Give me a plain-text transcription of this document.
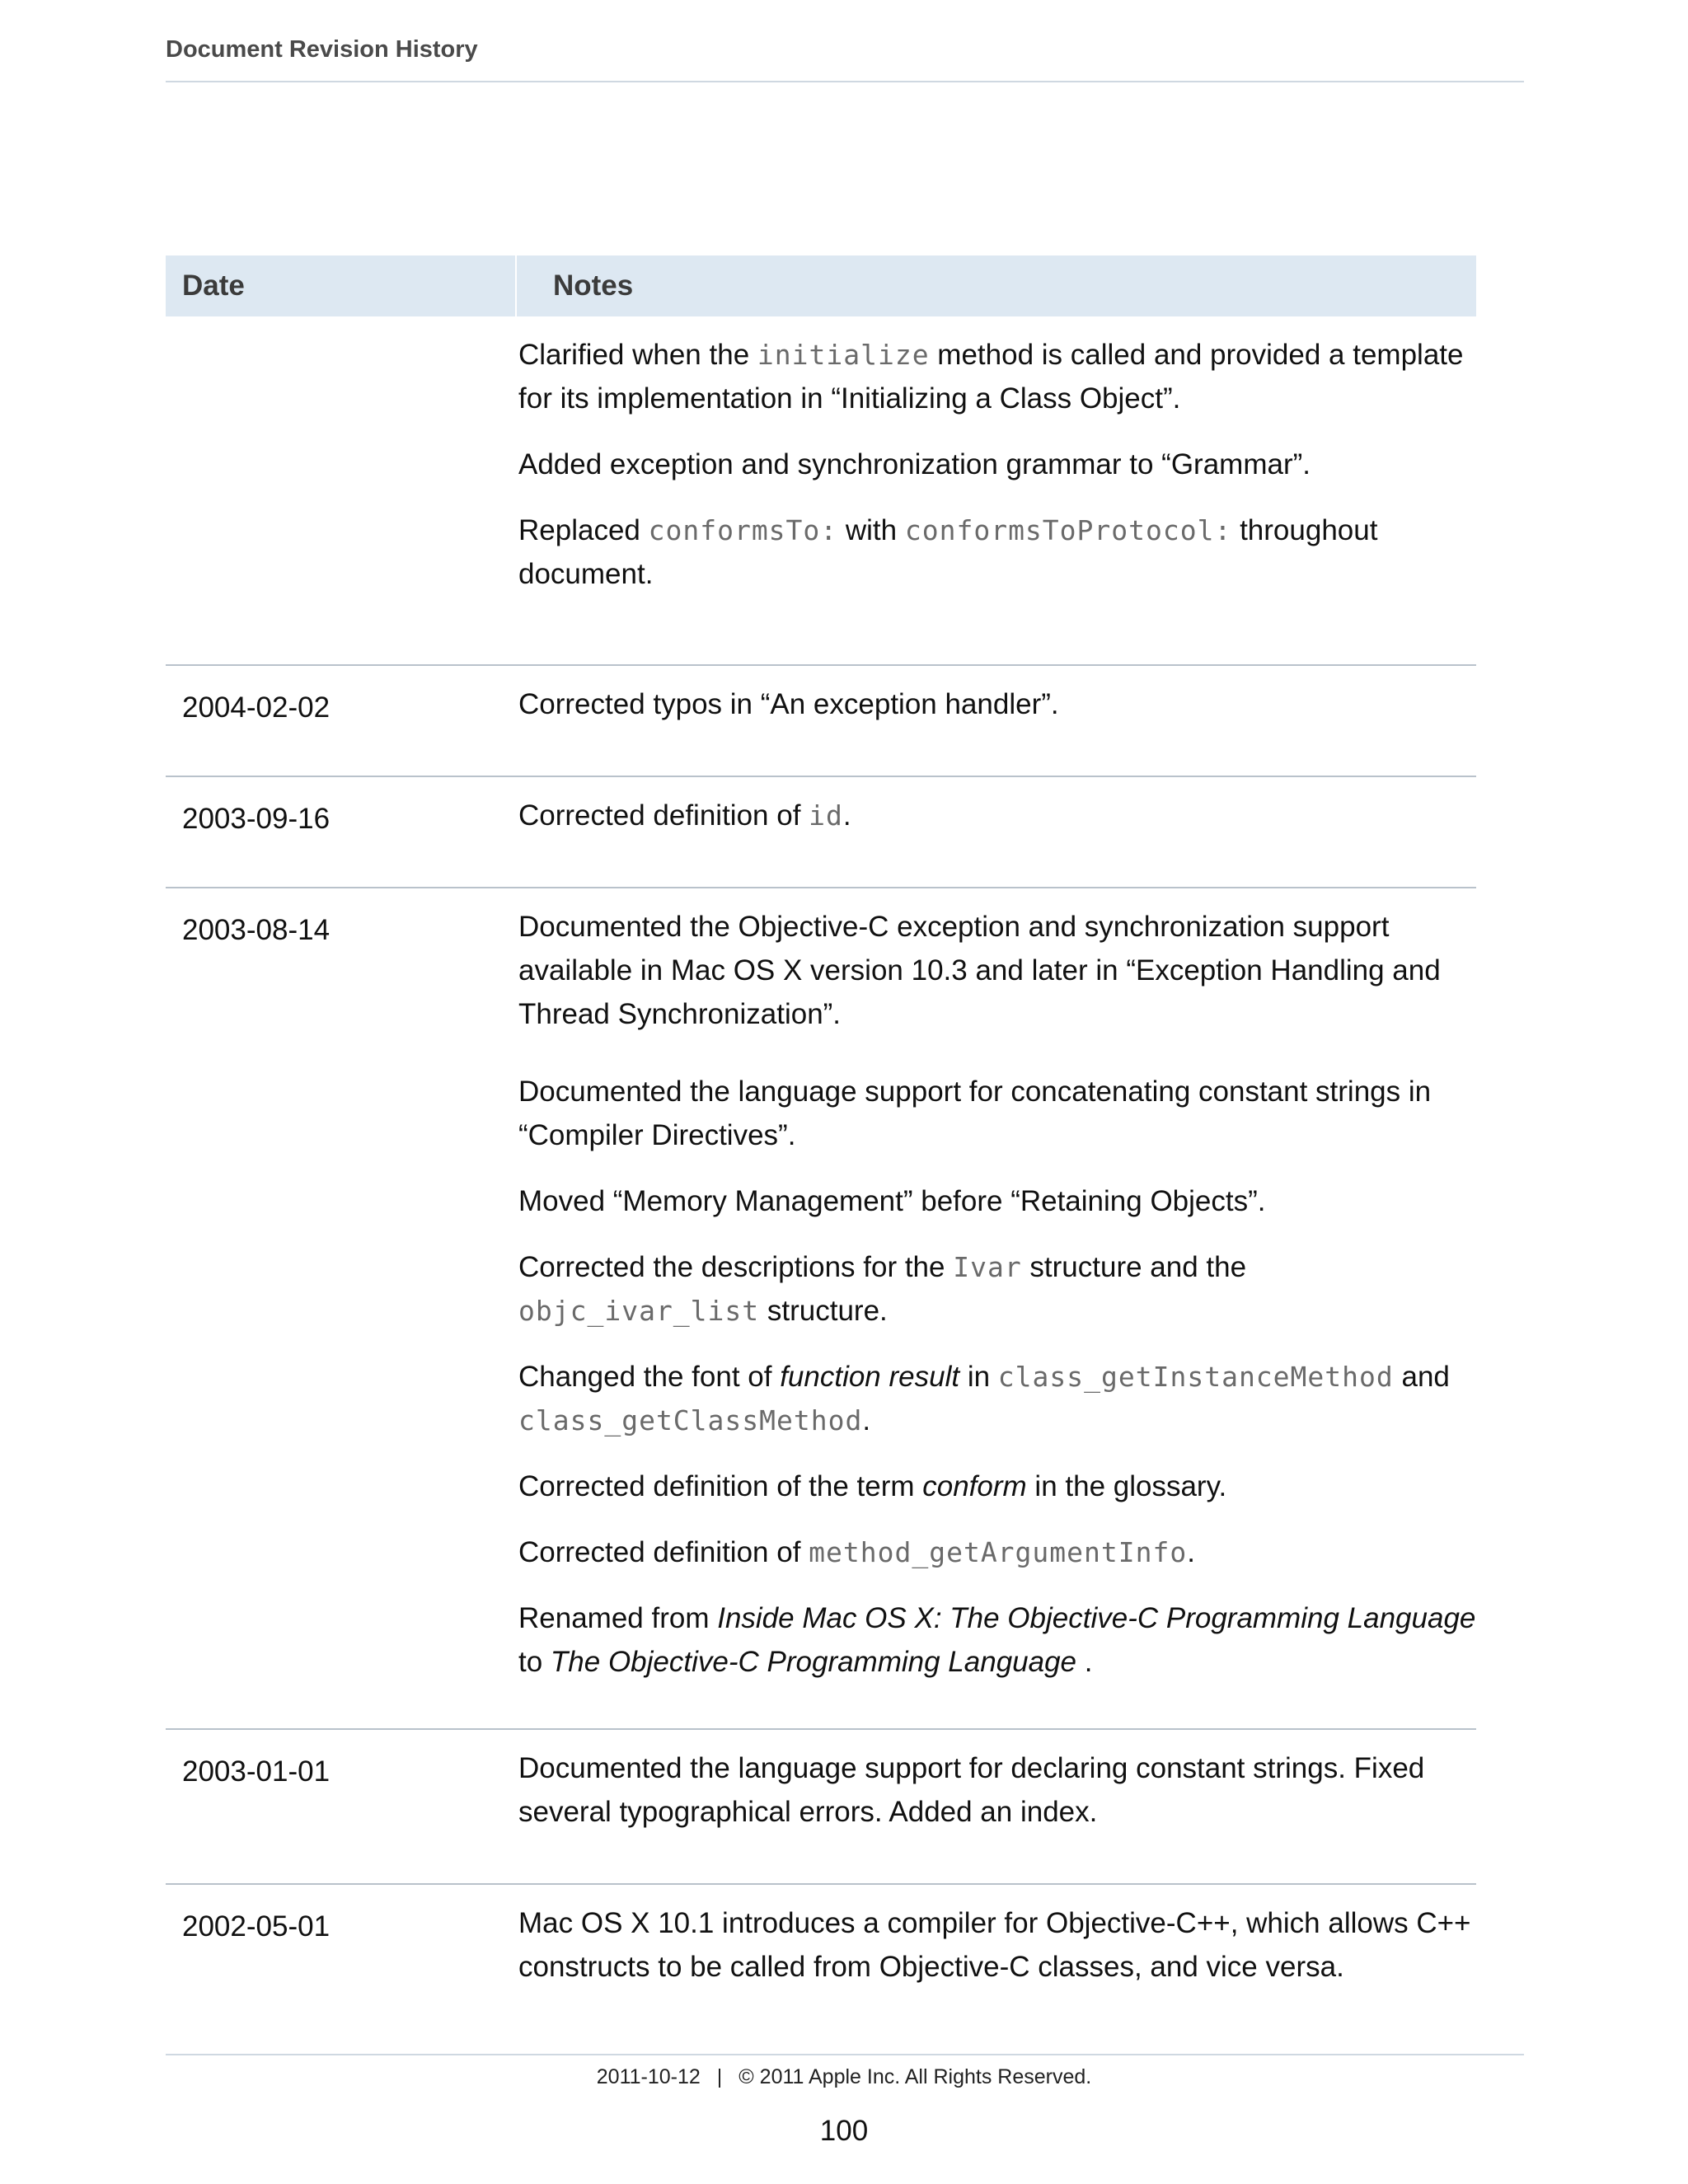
Document Revision History
Date	Notes

Clarified when the initialize method is called and provided a template for its implementation in “Initializing a Class Object”.

Added exception and synchronization grammar to “Grammar”.

Replaced conformsTo: with conformsToProtocol: throughout document.

2004-02-02	Corrected typos in “An exception handler”.

2003-09-16	Corrected definition of id.

2003-08-14	Documented the Objective-C exception and synchronization support available in Mac OS X version 10.3 and later in “Exception Handling and Thread Synchronization”.

Documented the language support for concatenating constant strings in “Compiler Directives”.

Moved “Memory Management” before “Retaining Objects”.

Corrected the descriptions for the Ivar structure and the objc_ivar_list structure.

Changed the font of function result in class_getInstanceMethod and class_getClassMethod.

Corrected definition of the term conform in the glossary.

Corrected definition of method_getArgumentInfo.

Renamed from Inside Mac OS X: The Objective-C Programming Language to The Objective-C Programming Language .

2003-01-01	Documented the language support for declaring constant strings. Fixed several typographical errors. Added an index.

2002-05-01	Mac OS X 10.1 introduces a compiler for Objective-C++, which allows C++ constructs to be called from Objective-C classes, and vice versa.

2011-10-12 | © 2011 Apple Inc. All Rights Reserved.
100
